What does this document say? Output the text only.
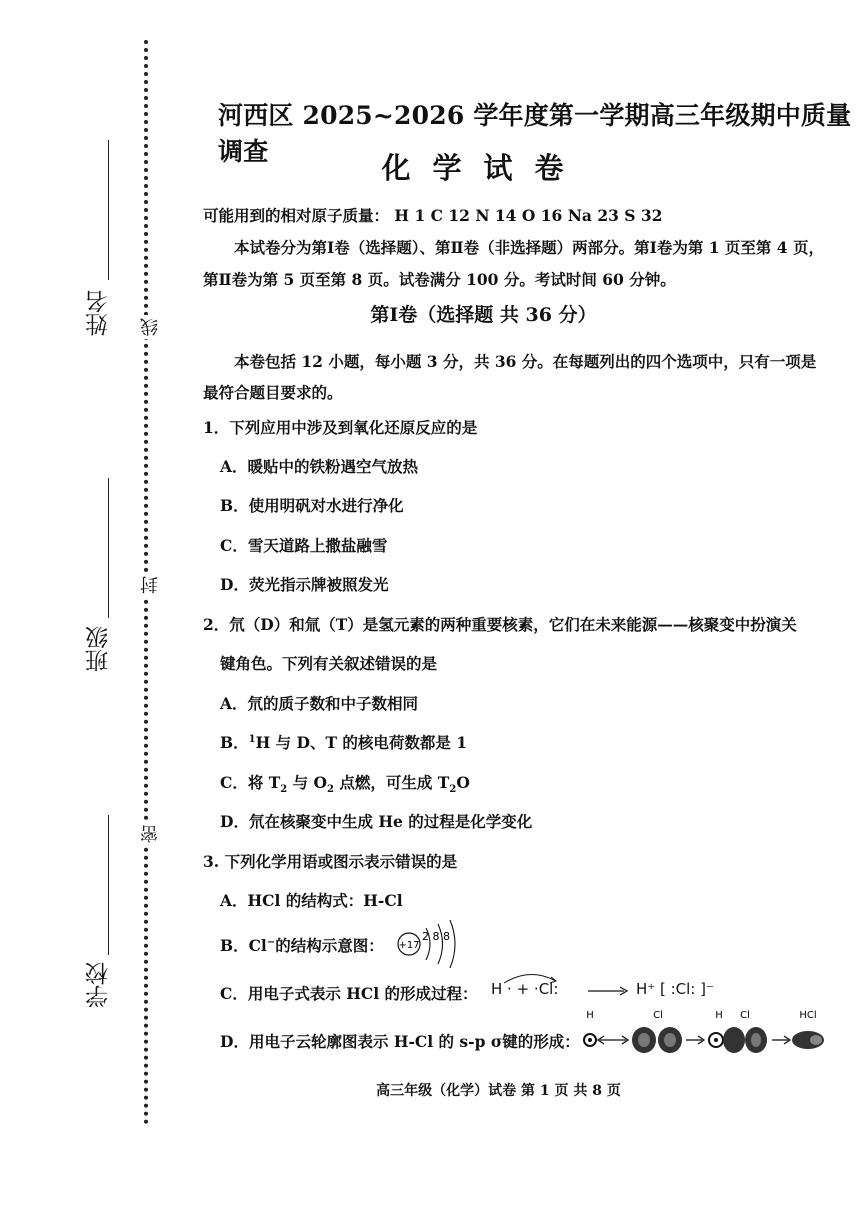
姓名
班级
学校
线
封
密
河西区 2025~2026 学年度第一学期高三年级期中质量调查	化学试卷
可能用到的相对原子质量： H 1 C 12 N 14 O 16 Na 23 S 32
本试卷分为第Ⅰ卷（选择题）、第Ⅱ卷（非选择题）两部分。第Ⅰ卷为第 1 页至第 4 页，
第Ⅱ卷为第 5 页至第 8 页。试卷满分 100 分。考试时间 60 分钟。
第Ⅰ卷（选择题 共 36 分）
本卷包括 12 小题，每小题 3 分，共 36 分。在每题列出的四个选项中，只有一项是
最符合题目要求的。
1．下列应用中涉及到氧化还原反应的是
A．暖贴中的铁粉遇空气放热
B．使用明矾对水进行净化
C．雪天道路上撒盐融雪
D．荧光指示牌被照发光
2．氘（D）和氚（T）是氢元素的两种重要核素，它们在未来能源——核聚变中扮演关
键角色。下列有关叙述错误的是
A．氘的质子数和中子数相同
B．$^1$H 与 D、T 的核电荷数都是 1
C．将 $T_2$ 与 $O_2$ 点燃，可生成 $T_2O$
D．氘在核聚变中生成 He 的过程是化学变化
3. 下列化学用语或图示表示错误的是
A．HCl 的结构式：H-Cl
B．Cl−的结构示意图： +17
2 8 8
C．用电子式表示 HCl 的形成过程： H · + ·Cl: → H⁺ [ :Cl: ]⁻
D．用电子云轮廓图表示 H-Cl 的 s-p σ键的形成：
H	Cl	H Cl	HCl
高三年级（化学）试卷 第 1 页 共 8 页
